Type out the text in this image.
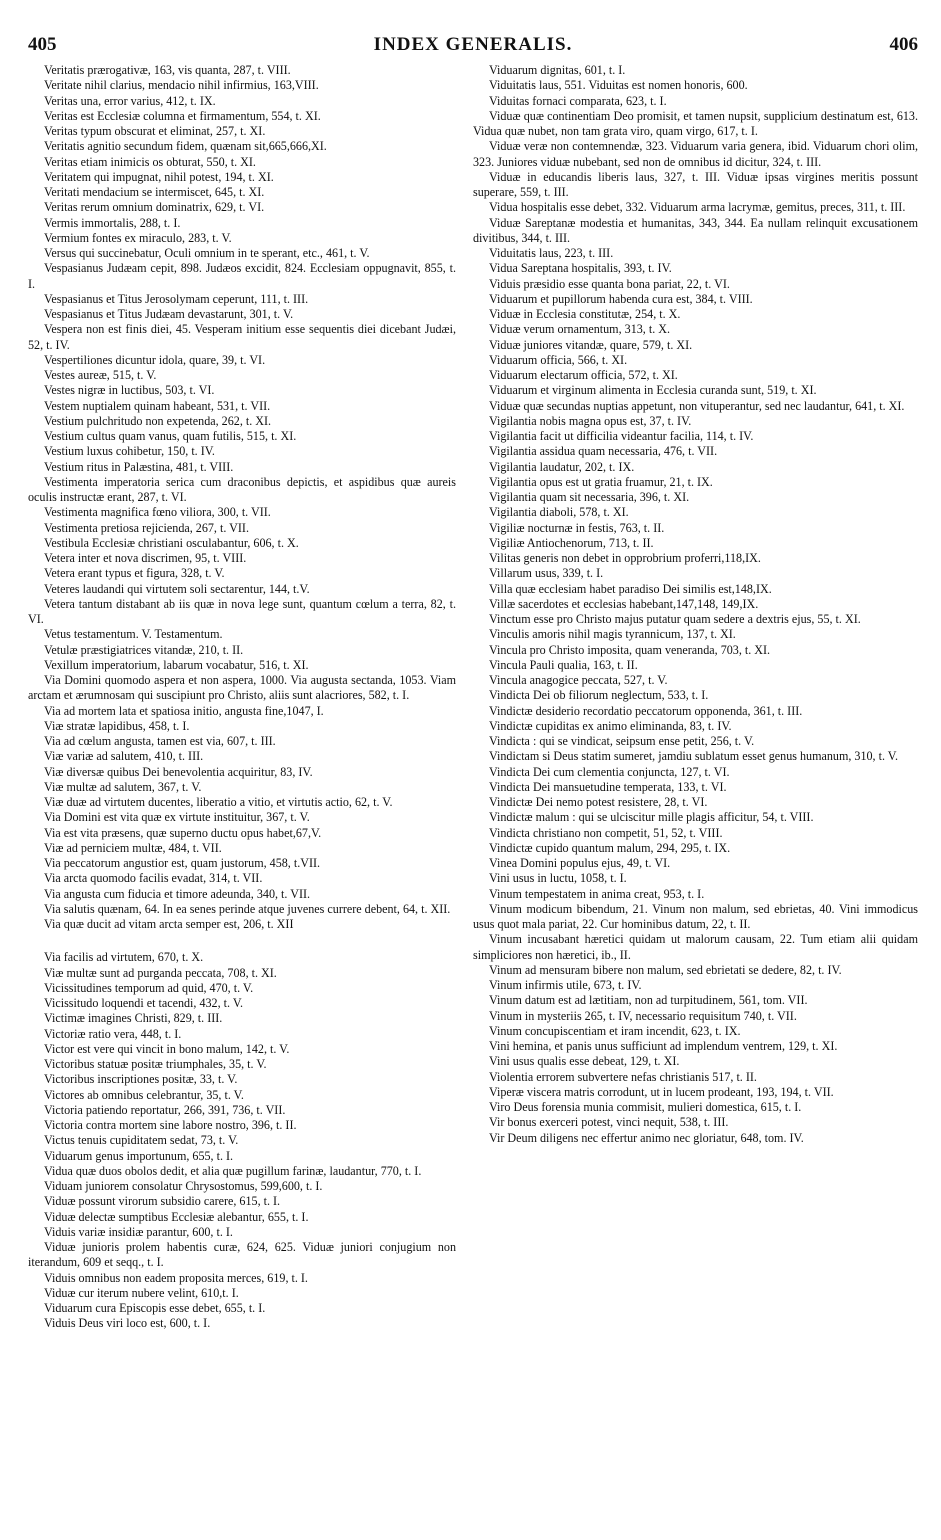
405	INDEX GENERALIS.	406

Veritatis prærogativæ, 163, vis quanta, 287, t. VIII.

Veritate nihil clarius, mendacio nihil infirmius, 163,VIII.

Veritas una, error varius, 412, t. IX.

Veritas est Ecclesiæ columna et firmamentum, 554, t. XI.

Veritas typum obscurat et eliminat, 257, t. XI.

Veritatis agnitio secundum fidem, quænam sit,665,666,XI.

Veritas etiam inimicis os obturat, 550, t. XI.

Veritatem qui impugnat, nihil potest, 194, t. XI.

Veritati mendacium se intermiscet, 645, t. XI.

Veritas rerum omnium dominatrix, 629, t. VI.

Vermis immortalis, 288, t. I.

Vermium fontes ex miraculo, 283, t. V.

Versus qui succinebatur, Oculi omnium in te sperant, etc., 461, t. V.

Vespasianus Judæam cepit, 898. Judæos excidit, 824. Ecclesiam oppugnavit, 855, t. I.

Vespasianus et Titus Jerosolymam ceperunt, 111, t. III.

Vespasianus et Titus Judæam devastarunt, 301, t. V.

Vespera non est finis diei, 45. Vesperam initium esse sequentis diei dicebant Judæi, 52, t. IV.

Vespertiliones dicuntur idola, quare, 39, t. VI.

Vestes aureæ, 515, t. V.

Vestes nigræ in luctibus, 503, t. VI.

Vestem nuptialem quinam habeant, 531, t. VII.

Vestium pulchritudo non expetenda, 262, t. XI.

Vestium cultus quam vanus, quam futilis, 515, t. XI.

Vestium luxus cohibetur, 150, t. IV.

Vestium ritus in Palæstina, 481, t. VIII.

Vestimenta imperatoria serica cum draconibus depictis, et aspidibus quæ aureis oculis instructæ erant, 287, t. VI.

Vestimenta magnifica fœno viliora, 300, t. VII.

Vestimenta pretiosa rejicienda, 267, t. VII.

Vestibula Ecclesiæ christiani osculabantur, 606, t. X.

Vetera inter et nova discrimen, 95, t. VIII.

Vetera erant typus et figura, 328, t. V.

Veteres laudandi qui virtutem soli sectarentur, 144, t.V.

Vetera tantum distabant ab iis quæ in nova lege sunt, quantum cœlum a terra, 82, t. VI.

Vetus testamentum. V. Testamentum.

Vetulæ præstigiatrices vitandæ, 210, t. II.

Vexillum imperatorium, labarum vocabatur, 516, t. XI.

Via Domini quomodo aspera et non aspera, 1000. Via augusta sectanda, 1053. Viam arctam et ærumnosam qui suscipiunt pro Christo, aliis sunt alacriores, 582, t. I.

Via ad mortem lata et spatiosa initio, angusta fine,1047, I.

Viæ stratæ lapidibus, 458, t. I.

Via ad cœlum angusta, tamen est via, 607, t. III.

Viæ variæ ad salutem, 410, t. III.

Viæ diversæ quibus Dei benevolentia acquiritur, 83, IV.

Viæ multæ ad salutem, 367, t. V.

Viæ duæ ad virtutem ducentes, liberatio a vitio, et virtutis actio, 62, t. V.

Via Domini est vita quæ ex virtute instituitur, 367, t. V.

Via est vita præsens, quæ superno ductu opus habet,67,V.

Viæ ad perniciem multæ, 484, t. VII.

Via peccatorum angustior est, quam justorum, 458, t.VII.

Via arcta quomodo facilis evadat, 314, t. VII.

Via angusta cum fiducia et timore adeunda, 340, t. VII.

Via salutis quænam, 64. In ea senes perinde atque juvenes currere debent, 64, t. XII.

Via quæ ducit ad vitam arcta semper est, 206, t. XII

Via facilis ad virtutem, 670, t. X.

Viæ multæ sunt ad purganda peccata, 708, t. XI.

Vicissitudines temporum ad quid, 470, t. V.

Vicissitudo loquendi et tacendi, 432, t. V.

Victimæ imagines Christi, 829, t. III.

Victoriæ ratio vera, 448, t. I.

Victor est vere qui vincit in bono malum, 142, t. V.

Victoribus statuæ positæ triumphales, 35, t. V.

Victoribus inscriptiones positæ, 33, t. V.

Victores ab omnibus celebrantur, 35, t. V.

Victoria patiendo reportatur, 266, 391, 736, t. VII.

Victoria contra mortem sine labore nostro, 396, t. II.

Victus tenuis cupiditatem sedat, 73, t. V.

Viduarum genus importunum, 655, t. I.

Vidua quæ duos obolos dedit, et alia quæ pugillum farinæ, laudantur, 770, t. I.

Viduam juniorem consolatur Chrysostomus, 599,600, t. I.

Viduæ possunt virorum subsidio carere, 615, t. I.

Viduæ delectæ sumptibus Ecclesiæ alebantur, 655, t. I.

Viduis variæ insidiæ parantur, 600, t. I.

Viduæ junioris prolem habentis curæ, 624, 625. Viduæ juniori conjugium non iterandum, 609 et seqq., t. I.

Viduis omnibus non eadem proposita merces, 619, t. I.

Viduæ cur iterum nubere velint, 610,t. I.

Viduarum cura Episcopis esse debet, 655, t. I.

Viduis Deus viri loco est, 600, t. I.

Viduarum dignitas, 601, t. I.

Viduitatis laus, 551. Viduitas est nomen honoris, 600.

Viduitas fornaci comparata, 623, t. I.

Viduæ quæ continentiam Deo promisit, et tamen nupsit, supplicium destinatum est, 613. Vidua quæ nubet, non tam grata viro, quam virgo, 617, t. I.

Viduæ veræ non contemnendæ, 323. Viduarum varia genera, ibid. Viduarum chori olim, 323. Juniores viduæ nubebant, sed non de omnibus id dicitur, 324, t. III.

Viduæ in educandis liberis laus, 327, t. III. Viduæ ipsas virgines meritis possunt superare, 559, t. III.

Vidua hospitalis esse debet, 332. Viduarum arma lacrymæ, gemitus, preces, 311, t. III.

Viduæ Sareptanæ modestia et humanitas, 343, 344. Ea nullam relinquit excusationem divitibus, 344, t. III.

Viduitatis laus, 223, t. III.

Vidua Sareptana hospitalis, 393, t. IV.

Viduis præsidio esse quanta bona pariat, 22, t. VI.

Viduarum et pupillorum habenda cura est, 384, t. VIII.

Viduæ in Ecclesia constitutæ, 254, t. X.

Viduæ verum ornamentum, 313, t. X.

Viduæ juniores vitandæ, quare, 579, t. XI.

Viduarum officia, 566, t. XI.

Viduarum electarum officia, 572, t. XI.

Viduarum et virginum alimenta in Ecclesia curanda sunt, 519, t. XI.

Viduæ quæ secundas nuptias appetunt, non vituperantur, sed nec laudantur, 641, t. XI.

Vigilantia nobis magna opus est, 37, t. IV.

Vigilantia facit ut difficilia videantur facilia, 114, t. IV.

Vigilantia assidua quam necessaria, 476, t. VII.

Vigilantia laudatur, 202, t. IX.

Vigilantia opus est ut gratia fruamur, 21, t. IX.

Vigilantia quam sit necessaria, 396, t. XI.

Vigilantia diaboli, 578, t. XI.

Vigiliæ nocturnæ in festis, 763, t. II.

Vigiliæ Antiochenorum, 713, t. II.

Vilitas generis non debet in opprobrium proferri,118,IX.

Villarum usus, 339, t. I.

Villa quæ ecclesiam habet paradiso Dei similis est,148,IX.

Villæ sacerdotes et ecclesias habebant,147,148, 149,IX.

Vinctum esse pro Christo majus putatur quam sedere a dextris ejus, 55, t. XI.

Vinculis amoris nihil magis tyrannicum, 137, t. XI.

Vincula pro Christo imposita, quam veneranda, 703, t. XI.

Vincula Pauli qualia, 163, t. II.

Vincula anagogice peccata, 527, t. V.

Vindicta Dei ob filiorum neglectum, 533, t. I.

Vindictæ desiderio recordatio peccatorum opponenda, 361, t. III.

Vindictæ cupiditas ex animo eliminanda, 83, t. IV.

Vindicta : qui se vindicat, seipsum ense petit, 256, t. V.

Vindictam si Deus statim sumeret, jamdiu sublatum esset genus humanum, 310, t. V.

Vindicta Dei cum clementia conjuncta, 127, t. VI.

Vindicta Dei mansuetudine temperata, 133, t. VI.

Vindictæ Dei nemo potest resistere, 28, t. VI.

Vindictæ malum : qui se ulciscitur mille plagis afficitur, 54, t. VIII.

Vindicta christiano non competit, 51, 52, t. VIII.

Vindictæ cupido quantum malum, 294, 295, t. IX.

Vinea Domini populus ejus, 49, t. VI.

Vini usus in luctu, 1058, t. I.

Vinum tempestatem in anima creat, 953, t. I.

Vinum modicum bibendum, 21. Vinum non malum, sed ebrietas, 40. Vini immodicus usus quot mala pariat, 22. Cur hominibus datum, 22, t. II.

Vinum incusabant hæretici quidam ut malorum causam, 22. Tum etiam alii quidam simpliciores non hæretici, ib., II.

Vinum ad mensuram bibere non malum, sed ebrietati se dedere, 82, t. IV.

Vinum infirmis utile, 673, t. IV.

Vinum datum est ad lætitiam, non ad turpitudinem, 561, tom. VII.

Vinum in mysteriis 265, t. IV, necessario requisitum 740, t. VII.

Vinum concupiscentiam et iram incendit, 623, t. IX.

Vini hemina, et panis unus sufficiunt ad implendum ventrem, 129, t. XI.

Vini usus qualis esse debeat, 129, t. XI.

Violentia errorem subvertere nefas christianis 517, t. II.

Viperæ viscera matris corrodunt, ut in lucem prodeant, 193, 194, t. VII.

Viro Deus forensia munia commisit, mulieri domestica, 615, t. I.

Vir bonus exerceri potest, vinci nequit, 538, t. III.

Vir Deum diligens nec effertur animo nec gloriatur, 648, tom. IV.
